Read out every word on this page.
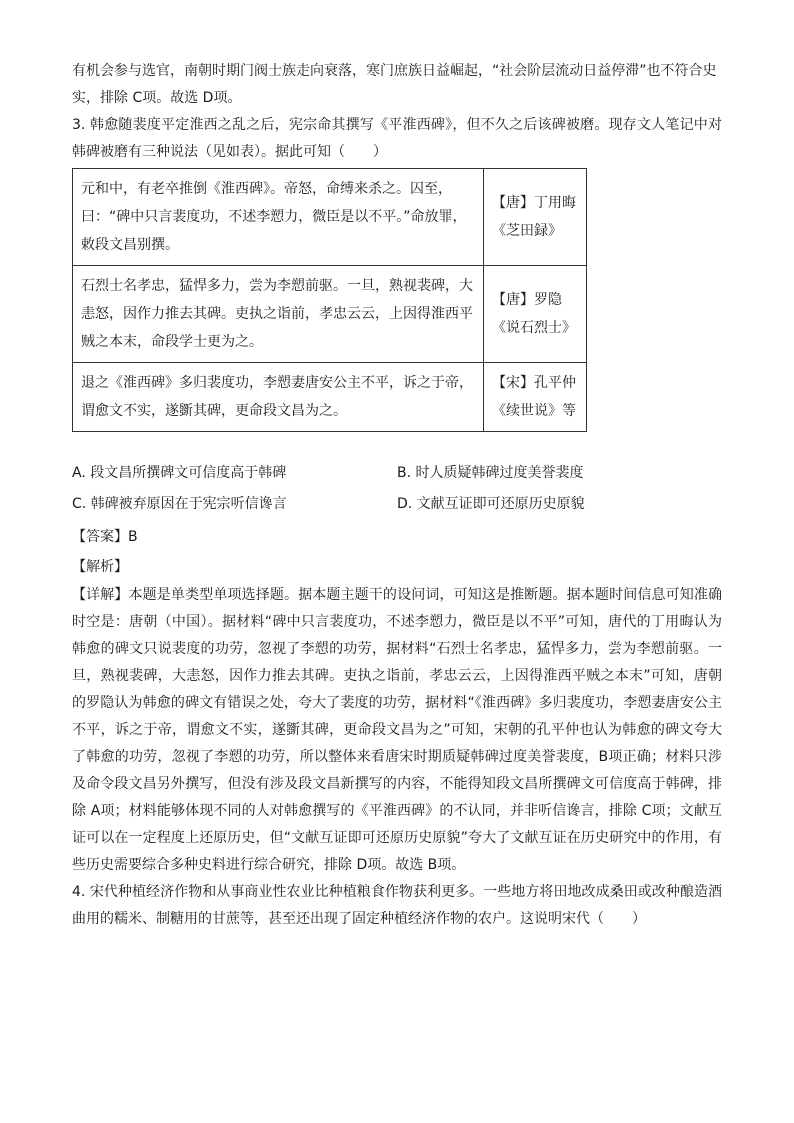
有机会参与选官，南朝时期门阀士族走向衰落，寒门庶族日益崛起，“社会阶层流动日益停滞”也不符合史

实，排除 C项。故选 D项。

3. 韩愈随裴度平定淮西之乱之后，宪宗命其撰写《平淮西碑》，但不久之后该碑被磨。现存文人笔记中对韩碑被磨有三种说法（见如表）。据此可知（　　）

元和中，有老卒推倒《淮西碑》。帝怒，命缚来杀之。囚至，曰：“碑中只言裴度功，不述李愬力，微臣是以不平。”命放罪，敕段文昌别撰。	【唐】丁用晦
《芝田録》

石烈士名孝忠，猛悍多力，尝为李愬前驱。一旦，熟视裴碑，大恚怒，因作力推去其碑。吏执之诣前，孝忠云云，上因得淮西平贼之本末，命段学士更为之。	【唐】罗隐
《说石烈士》

退之《淮西碑》多归裴度功，李愬妻唐安公主不平，诉之于帝，谓愈文不实，遂斵其碑，更命段文昌为之。	【宋】孔平仲
《续世说》等
A. 段文昌所撰碑文可信度高于韩碑	B. 时人质疑韩碑过度美誉裴度
C. 韩碑被弃原因在于宪宗听信谗言	D. 文献互证即可还原历史原貌

【答案】B

【解析】

【详解】本题是单类型单项选择题。据本题主题干的设问词，可知这是推断题。据本题时间信息可知准确时空是：唐朝（中国）。据材料“碑中只言裴度功，不述李愬力，微臣是以不平”可知，唐代的丁用晦认为韩愈的碑文只说裴度的功劳，忽视了李愬的功劳，据材料“石烈士名孝忠，猛悍多力，尝为李愬前驱。一旦，熟视裴碑，大恚怒，因作力推去其碑。吏执之诣前，孝忠云云，上因得淮西平贼之本末”可知，唐朝的罗隐认为韩愈的碑文有错误之处，夸大了裴度的功劳，据材料“《淮西碑》多归裴度功，李愬妻唐安公主不平，诉之于帝，谓愈文不实，遂斵其碑，更命段文昌为之”可知，宋朝的孔平仲也认为韩愈的碑文夸大了韩愈的功劳，忽视了李愬的功劳，所以整体来看唐宋时期质疑韩碑过度美誉裴度，B项正确；材料只涉及命令段文昌另外撰写，但没有涉及段文昌新撰写的内容，不能得知段文昌所撰碑文可信度高于韩碑，排除 A项；材料能够体现不同的人对韩愈撰写的《平淮西碑》的不认同，并非听信谗言，排除 C项；文献互证可以在一定程度上还原历史，但“文献互证即可还原历史原貌”夸大了文献互证在历史研究中的作用，有些历史需要综合多种史料进行综合研究，排除 D项。故选 B项。

4. 宋代种植经济作物和从事商业性农业比种植粮食作物获利更多。一些地方将田地改成桑田或改种酿造酒曲用的糯米、制糖用的甘蔗等，甚至还出现了固定种植经济作物的农户。这说明宋代（　　）
